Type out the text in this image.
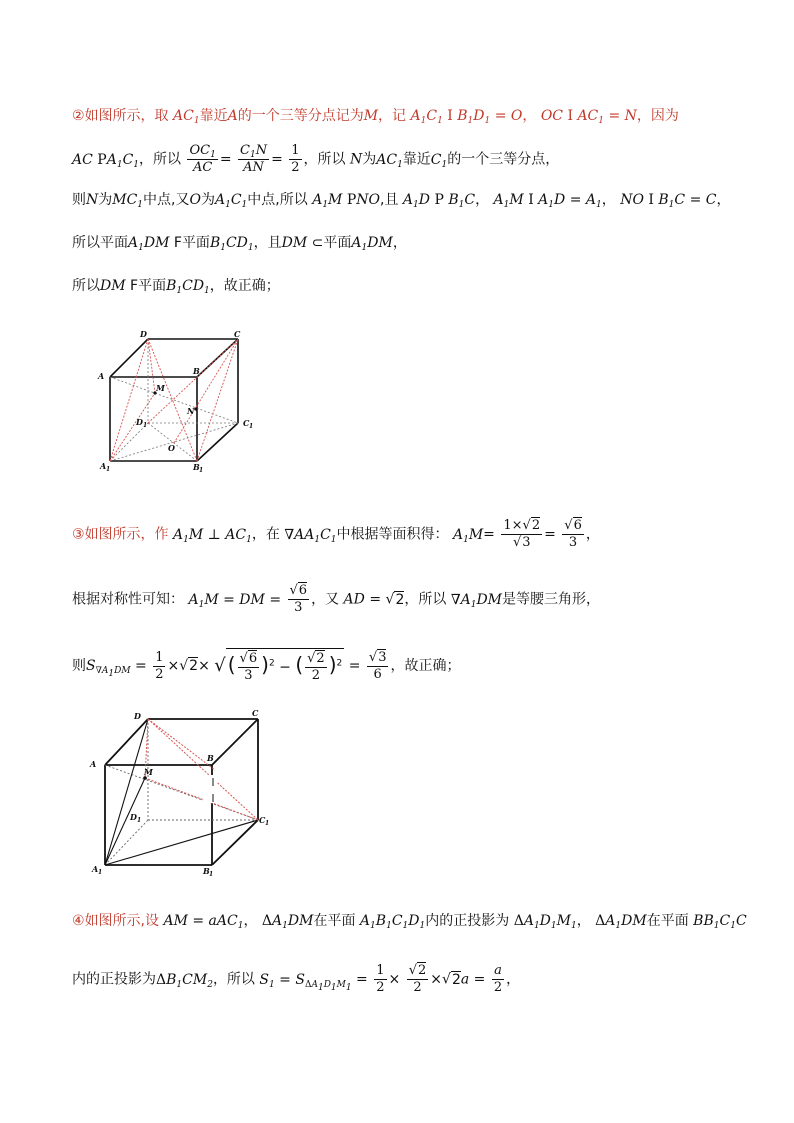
②如图所示，取 $AC_1$靠近A的一个三等分点记为M，记 $A_1C_1$ I $B_1D_1 = O$， OC I $AC_1 = N$，因为
AC $PA_1C_1$，所以 $\frac{OC_1}{AC} = \frac{C_1N}{AN} = \frac{1}{2}$ ，所以 N为$AC_1$靠近$C_1$的一个三等分点，
则N为$MC_1$中点,又O为$A_1C_1$中点,所以 $A_1M$ PNO,且 $A_1D$ P $B_1C$， $A_1M$ I $A_1D = A_1$， NO I $B_1C = C$，
所以平面$A_1DM$ F平面$B_1CD_1$，且DM ⊂平面$A_1DM$，
所以DM F平面$B_1CD_1$，故正确；
D	C
A	B
M
N
D 1	C 1
O
A 1	B 1
③如图所示，作 $A_1M$ ⊥ $AC_1$，在 $\nabla AA_1C_1$中根据等面积得： $A_1M= \frac{1\times√2}{√3} = \frac{√6}{3}$ ，
根据对称性可知： $A_1M$ = DM = $\frac{√6}{3}$ ，又 AD = √2，所以 $\nabla A_1DM$是等腰三角形，
则$S_{\nabla A_1DM} = \frac{1}{2} \times√2\times$ √ ( $\frac{√6}{3} )^2$ − ( $\frac{√2}{2} )^2 = \frac{√3}{6}$ ，故正确；
D	C
A
B
M
D 1	C 1
A 1	B 1
④如图所示,设 AM = aAC$_1$， $\Delta A_1DM$在平面 $A_1B_1C_1D_1$内的正投影为 $\Delta A_1D_1M_1$， $\Delta A_1DM$在平面 $BB_1C_1C$
内的正投影为$\Delta B_1CM_2$，所以 $S_1 = S_{\Delta A_1D_1M_1} = \frac{1}{2} \times \frac{√2}{2} \times√2a = \frac{a}{2}$ ，
